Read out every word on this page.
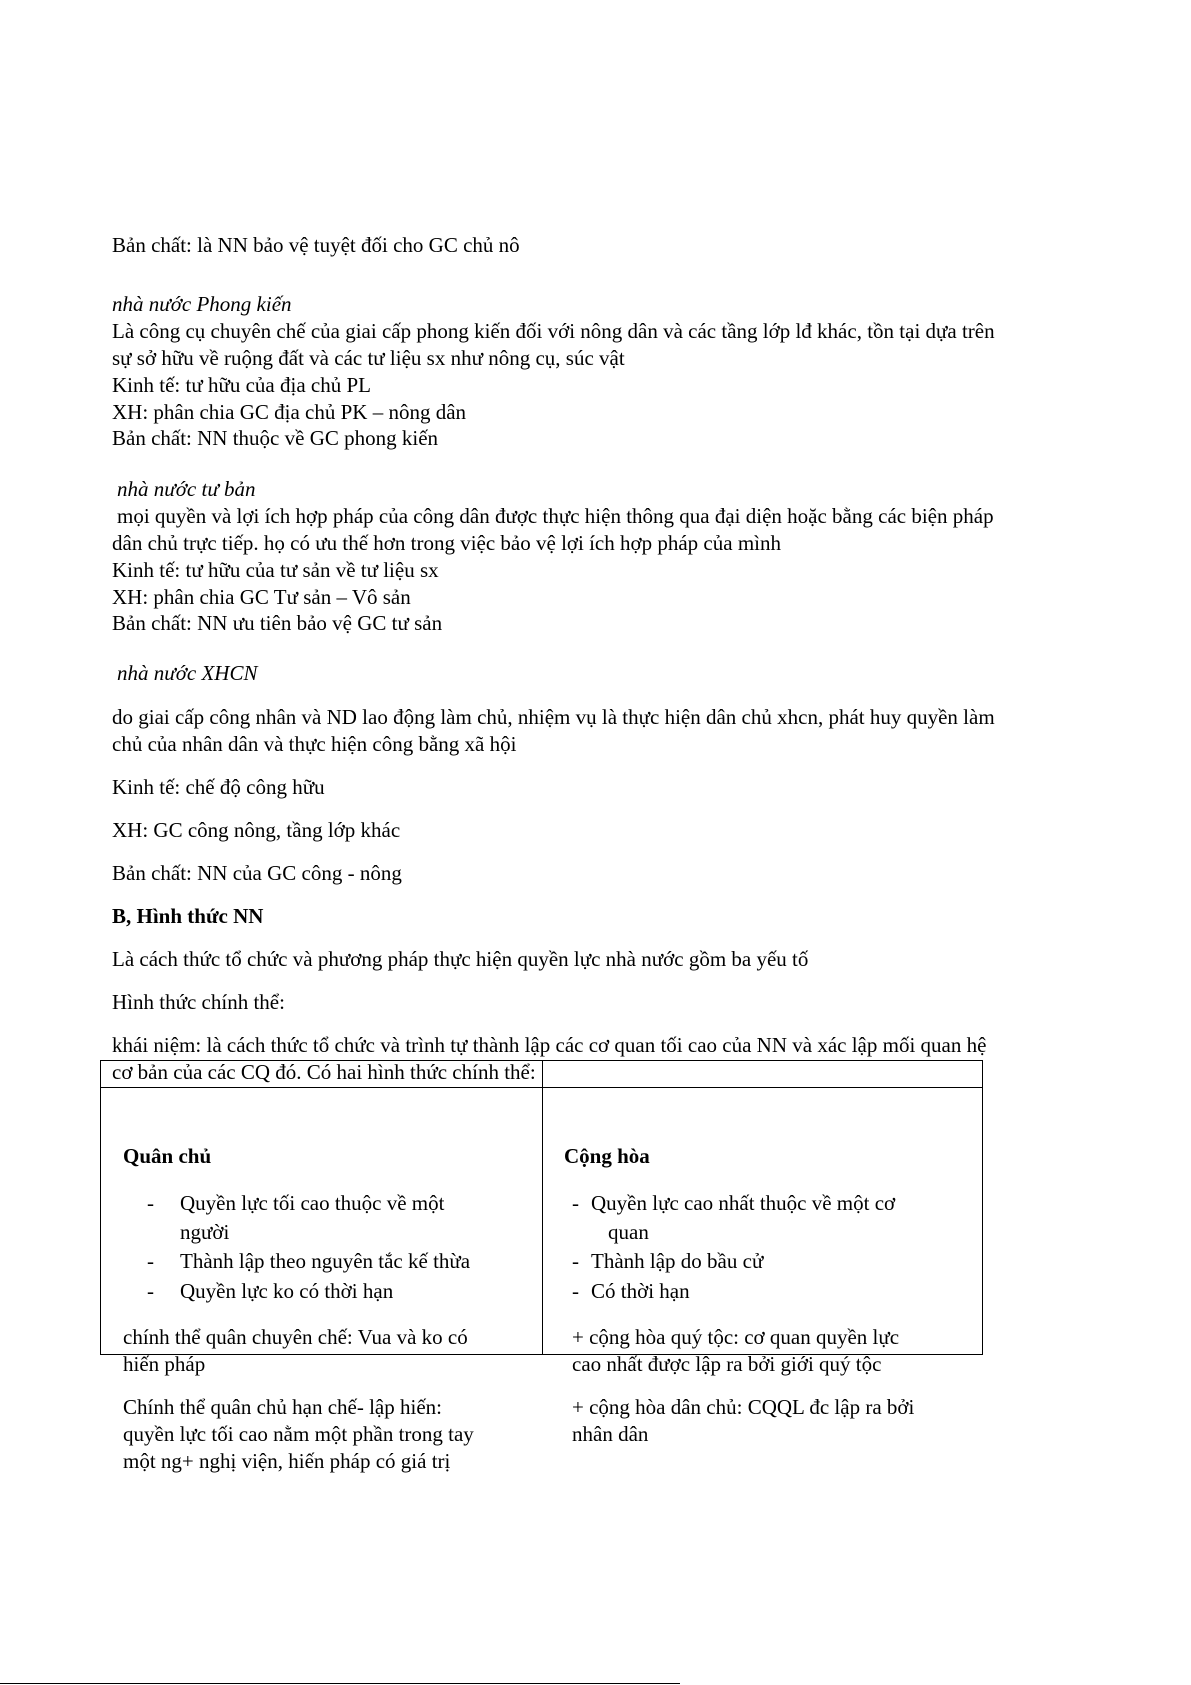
Bản chất: là NN bảo vệ tuyệt đối cho GC chủ nô
nhà nước Phong kiến
Là công cụ chuyên chế của giai cấp phong kiến đối với nông dân và các tầng lớp lđ khác, tồn tại dựa trên
sự sở hữu về ruộng đất và các tư liệu sx như nông cụ, súc vật
Kinh tế: tư hữu của địa chủ PL
XH: phân chia GC địa chủ PK – nông dân
Bản chất: NN thuộc về GC phong kiến
nhà nước tư bản
mọi quyền và lợi ích hợp pháp của công dân được thực hiện thông qua đại diện hoặc bằng các biện pháp
dân chủ trực tiếp. họ có ưu thế hơn trong việc bảo vệ lợi ích hợp pháp của mình
Kinh tế: tư hữu của tư sản về tư liệu sx
XH: phân chia GC Tư sản – Vô sản
Bản chất: NN ưu tiên bảo vệ GC tư sản
nhà nước XHCN
do giai cấp công nhân và ND lao động làm chủ, nhiệm vụ là thực hiện dân chủ xhcn, phát huy quyền làm
chủ của nhân dân và thực hiện công bằng xã hội
Kinh tế: chế độ công hữu
XH: GC công nông, tầng lớp khác
Bản chất: NN của GC công - nông
B, Hình thức NN
Là cách thức tổ chức và phương pháp thực hiện quyền lực nhà nước gồm ba yếu tố
Hình thức chính thể:
khái niệm: là cách thức tổ chức và trình tự thành lập các cơ quan tối cao của NN và xác lập mối quan hệ
cơ bản của các CQ đó. Có hai hình thức chính thể:
Quân chủ
- Quyền lực tối cao thuộc về một
người
- Thành lập theo nguyên tắc kế thừa
- Quyền lực ko có thời hạn
chính thể quân chuyên chế: Vua và ko có
hiến pháp
Chính thể quân chủ hạn chế- lập hiến:
quyền lực tối cao nằm một phần trong tay
một ng+ nghị viện, hiến pháp có giá trị
Cộng hòa
- Quyền lực cao nhất thuộc về một cơ
quan
- Thành lập do bầu cử
- Có thời hạn
+ cộng hòa quý tộc: cơ quan quyền lực
cao nhất được lập ra bởi giới quý tộc
+ cộng hòa dân chủ: CQQL đc lập ra bởi
nhân dân
